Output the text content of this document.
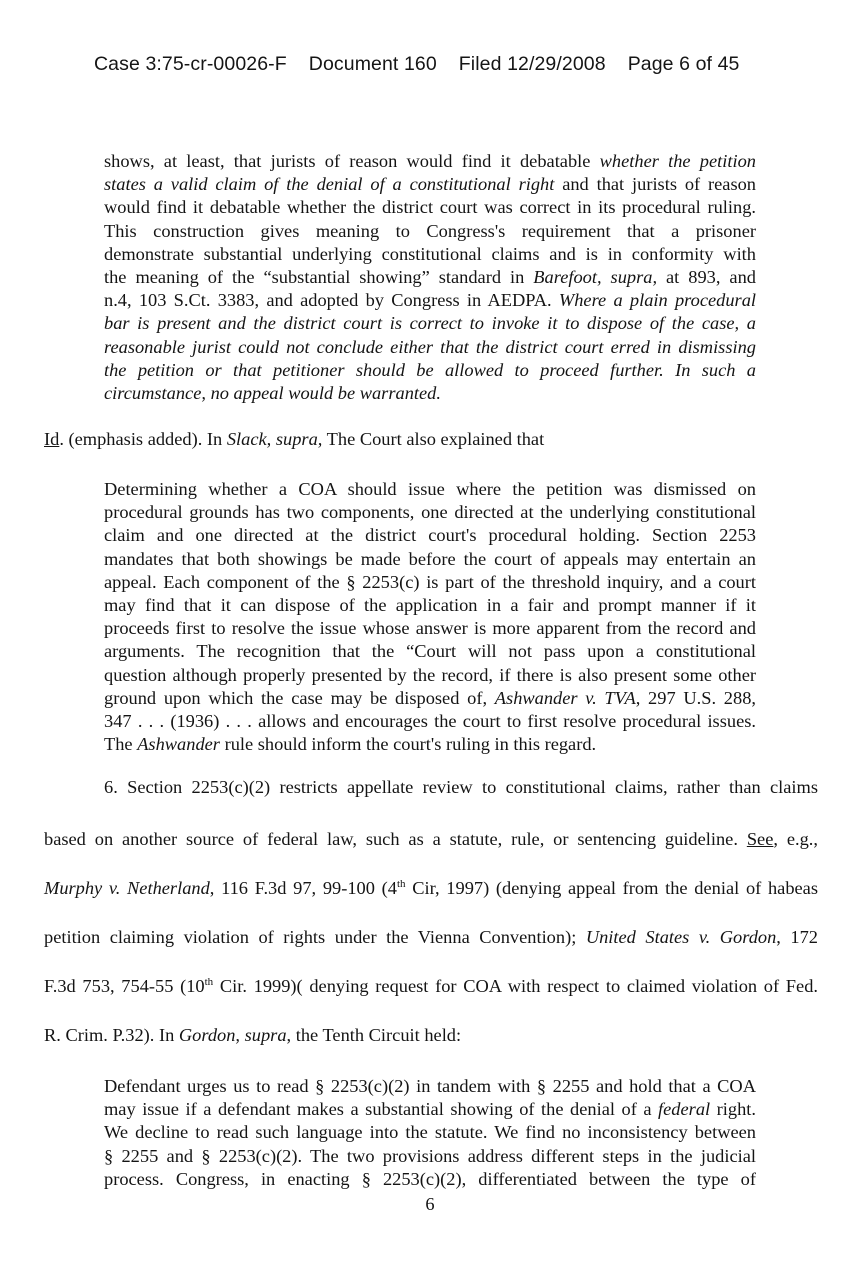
Case 3:75-cr-00026-F Document 160 Filed 12/29/2008 Page 6 of 45
shows, at least, that jurists of reason would find it debatable whether the petition
states a valid claim of the denial of a constitutional right and that jurists of reason
would find it debatable whether the district court was correct in its procedural ruling.
This construction gives meaning to Congress's requirement that a prisoner
demonstrate substantial underlying constitutional claims and is in conformity with
the meaning of the “substantial showing” standard in Barefoot, supra, at 893, and
n.4, 103 S.Ct. 3383, and adopted by Congress in AEDPA. Where a plain procedural
bar is present and the district court is correct to invoke it to dispose of the case, a
reasonable jurist could not conclude either that the district court erred in dismissing
the petition or that petitioner should be allowed to proceed further. In such a
circumstance, no appeal would be warranted.
Id. (emphasis added). In Slack, supra, The Court also explained that
Determining whether a COA should issue where the petition was dismissed on
procedural grounds has two components, one directed at the underlying constitutional
claim and one directed at the district court's procedural holding. Section 2253
mandates that both showings be made before the court of appeals may entertain an
appeal. Each component of the § 2253(c) is part of the threshold inquiry, and a court
may find that it can dispose of the application in a fair and prompt manner if it
proceeds first to resolve the issue whose answer is more apparent from the record and
arguments. The recognition that the “Court will not pass upon a constitutional
question although properly presented by the record, if there is also present some other
ground upon which the case may be disposed of, Ashwander v. TVA, 297 U.S. 288,
347 . . . (1936) . . . allows and encourages the court to first resolve procedural issues.
The Ashwander rule should inform the court's ruling in this regard.
6. Section 2253(c)(2) restricts appellate review to constitutional claims, rather than claims
based on another source of federal law, such as a statute, rule, or sentencing guideline. See, e.g.,
Murphy v. Netherland, 116 F.3d 97, 99-100 (4th Cir, 1997) (denying appeal from the denial of habeas
petition claiming violation of rights under the Vienna Convention); United States v. Gordon, 172
F.3d 753, 754-55 (10th Cir. 1999)( denying request for COA with respect to claimed violation of Fed.
R. Crim. P.32). In Gordon, supra, the Tenth Circuit held:
Defendant urges us to read § 2253(c)(2) in tandem with § 2255 and hold that a COA
may issue if a defendant makes a substantial showing of the denial of a federal right.
We decline to read such language into the statute. We find no inconsistency between
§ 2255 and § 2253(c)(2). The two provisions address different steps in the judicial
process. Congress, in enacting § 2253(c)(2), differentiated between the type of
6
